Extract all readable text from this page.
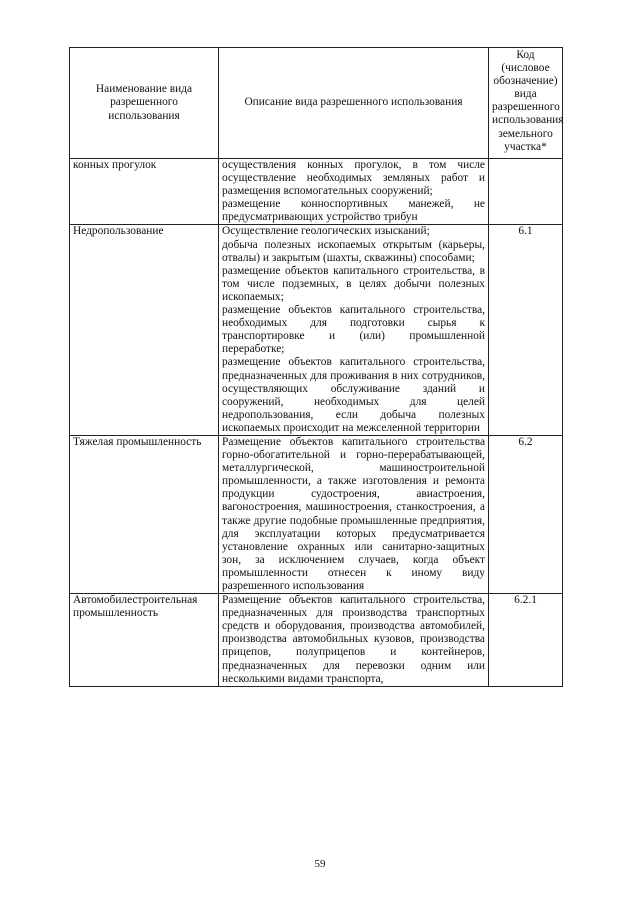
Наименование вида разрешенного использования	Описание вида разрешенного использования	Код (числовое обозначение) вида разрешенного использования земельного участка*
конных прогулок	осуществления конных прогулок, в том числе осуществление необходимых земляных работ и размещения вспомогательных сооружений;
размещение конноспортивных манежей, не предусматривающих устройство трибун	

Недропользование	Осуществление геологических изысканий;
добыча полезных ископаемых открытым (карьеры, отвалы) и закрытым (шахты, скважины) способами;
размещение объектов капитального строительства, в том числе подземных, в целях добычи полезных ископаемых;
размещение объектов капитального строительства, необходимых для подготовки сырья к транспортировке и (или) промышленной переработке;
размещение объектов капитального строительства, предназначенных для проживания в них сотрудников, осуществляющих обслуживание зданий и сооружений, необходимых для целей недропользования, если добыча полезных ископаемых происходит на межселенной территории	6.1
Тяжелая промышленность	Размещение объектов капитального строительства горно-обогатительной и горно-перерабатывающей, металлургической, машиностроительной промышленности, а также изготовления и ремонта продукции судостроения, авиастроения, вагоностроения, машиностроения, станкостроения, а также другие подобные промышленные предприятия, для эксплуатации которых предусматривается установление охранных или санитарно-защитных зон, за исключением случаев, когда объект промышленности отнесен к иному виду разрешенного использования	6.2
Автомобилестроительная промышленность	Размещение объектов капитального строительства, предназначенных для производства транспортных средств и оборудования, производства автомобилей, производства автомобильных кузовов, производства прицепов, полуприцепов и контейнеров, предназначенных для перевозки одним или несколькими видами транспорта,	6.2.1
59
